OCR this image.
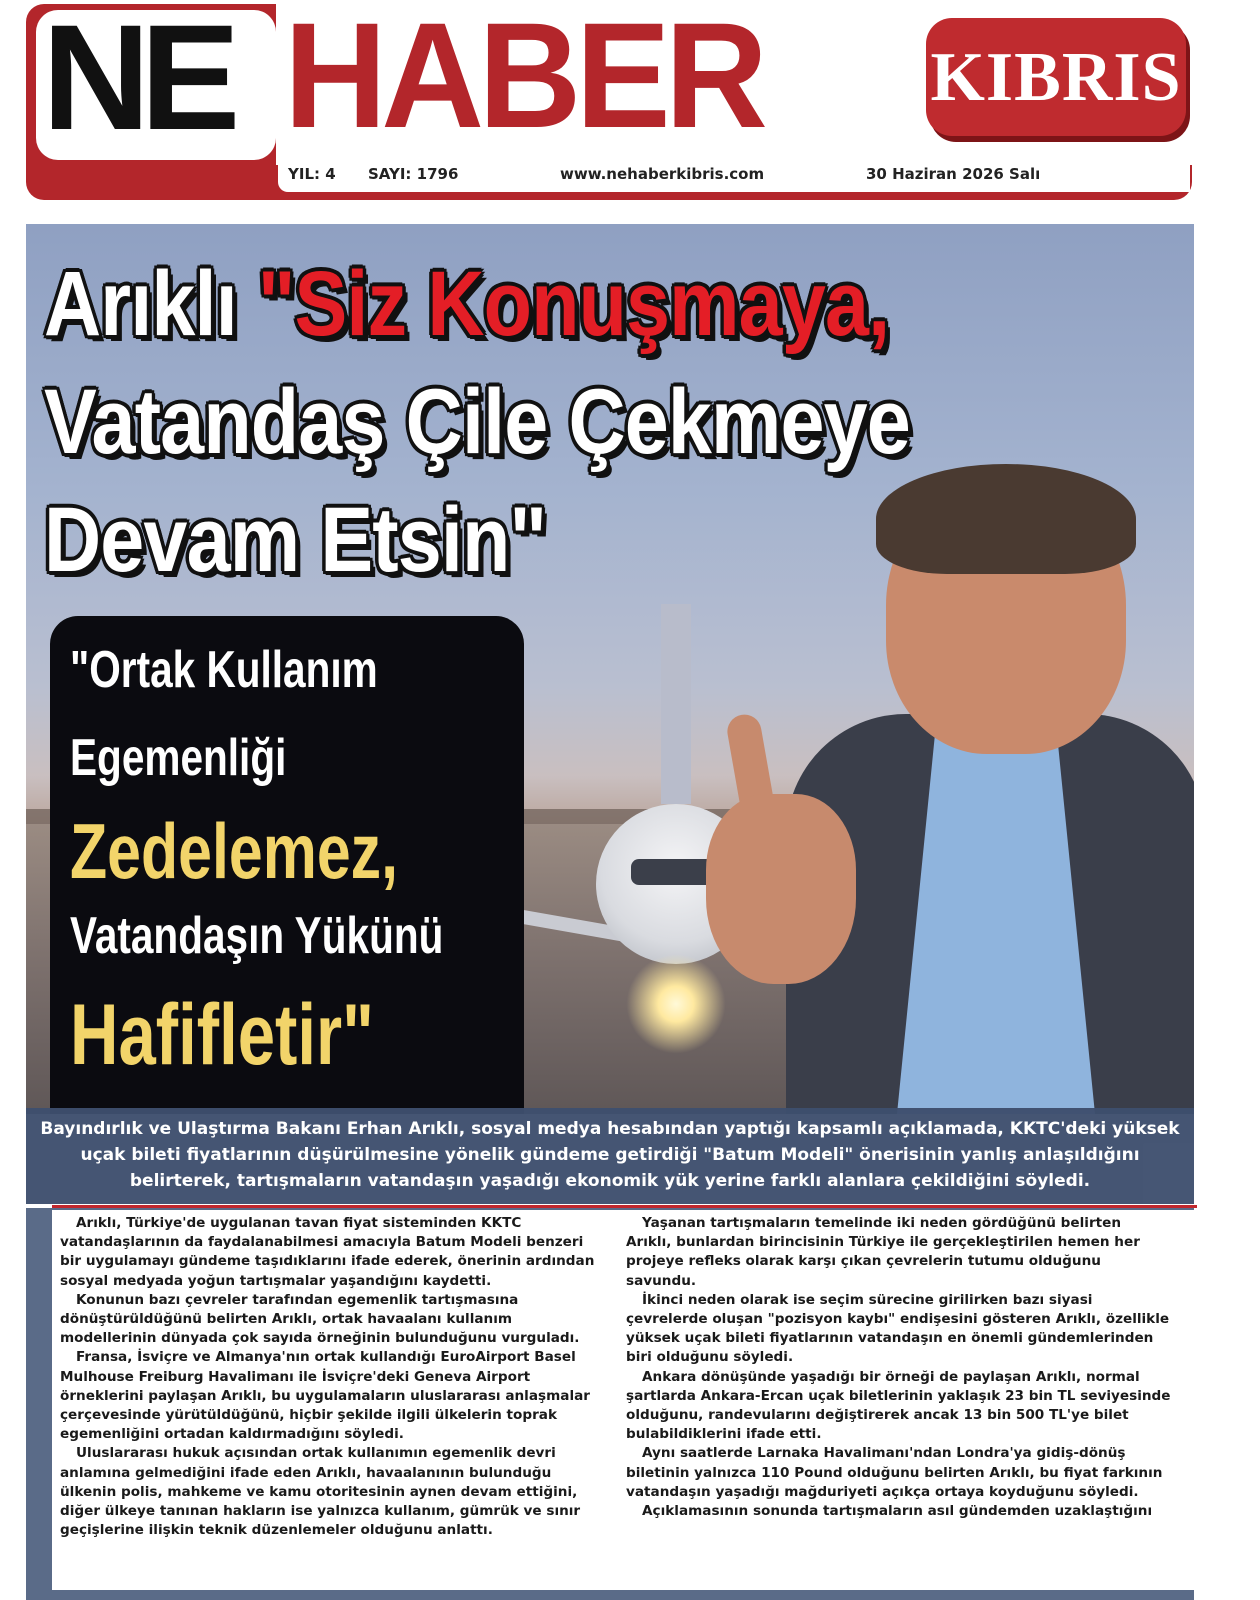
NE HABER KIBRIS
YIL: 4 SAYI: 1796	www.nehaberkibris.com	30 Haziran 2026 Salı
Arıklı "Siz Konuşmaya,
Vatandaş Çile Çekmeye
Devam Etsin"
"Ortak Kullanım
Egemenliği
Zedelemez,
Vatandaşın Yükünü
Hafifletir"
Bayındırlık ve Ulaştırma Bakanı Erhan Arıklı, sosyal medya hesabından yaptığı kapsamlı açıklamada, KKTC'deki yüksek uçak bileti fiyatlarının düşürülmesine yönelik gündeme getirdiği "Batum Modeli" önerisinin yanlış anlaşıldığını belirterek, tartışmaların vatandaşın yaşadığı ekonomik yük yerine farklı alanlara çekildiğini söyledi.

Arıklı, Türkiye'de uygulanan tavan fiyat sisteminden KKTC vatandaşlarının da faydalanabilmesi amacıyla Batum Modeli benzeri bir uygulamayı gündeme taşıdıklarını ifade ederek, önerinin ardından sosyal medyada yoğun tartışmalar yaşandığını kaydetti.

Konunun bazı çevreler tarafından egemenlik tartışmasına dönüştürüldüğünü belirten Arıklı, ortak havaalanı kullanım modellerinin dünyada çok sayıda örneğinin bulunduğunu vurguladı.

Fransa, İsviçre ve Almanya'nın ortak kullandığı EuroAirport Basel Mulhouse Freiburg Havalimanı ile İsviçre'deki Geneva Airport örneklerini paylaşan Arıklı, bu uygulamaların uluslararası anlaşmalar çerçevesinde yürütüldüğünü, hiçbir şekilde ilgili ülkelerin toprak egemenliğini ortadan kaldırmadığını söyledi.

Uluslararası hukuk açısından ortak kullanımın egemenlik devri anlamına gelmediğini ifade eden Arıklı, havaalanının bulunduğu ülkenin polis, mahkeme ve kamu otoritesinin aynen devam ettiğini, diğer ülkeye tanınan hakların ise yalnızca kullanım, gümrük ve sınır geçişlerine ilişkin teknik düzenlemeler olduğunu anlattı.

Yaşanan tartışmaların temelinde iki neden gördüğünü belirten Arıklı, bunlardan birincisinin Türkiye ile gerçekleştirilen hemen her projeye refleks olarak karşı çıkan çevrelerin tutumu olduğunu savundu.

İkinci neden olarak ise seçim sürecine girilirken bazı siyasi çevrelerde oluşan "pozisyon kaybı" endişesini gösteren Arıklı, özellikle yüksek uçak bileti fiyatlarının vatandaşın en önemli gündemlerinden biri olduğunu söyledi.

Ankara dönüşünde yaşadığı bir örneği de paylaşan Arıklı, normal şartlarda Ankara-Ercan uçak biletlerinin yaklaşık 23 bin TL seviyesinde olduğunu, randevularını değiştirerek ancak 13 bin 500 TL'ye bilet bulabildiklerini ifade etti.

Aynı saatlerde Larnaka Havalimanı'ndan Londra'ya gidiş-dönüş biletinin yalnızca 110 Pound olduğunu belirten Arıklı, bu fiyat farkının vatandaşın yaşadığı mağduriyeti açıkça ortaya koyduğunu söyledi.

Açıklamasının sonunda tartışmaların asıl gündemden uzaklaştığını
